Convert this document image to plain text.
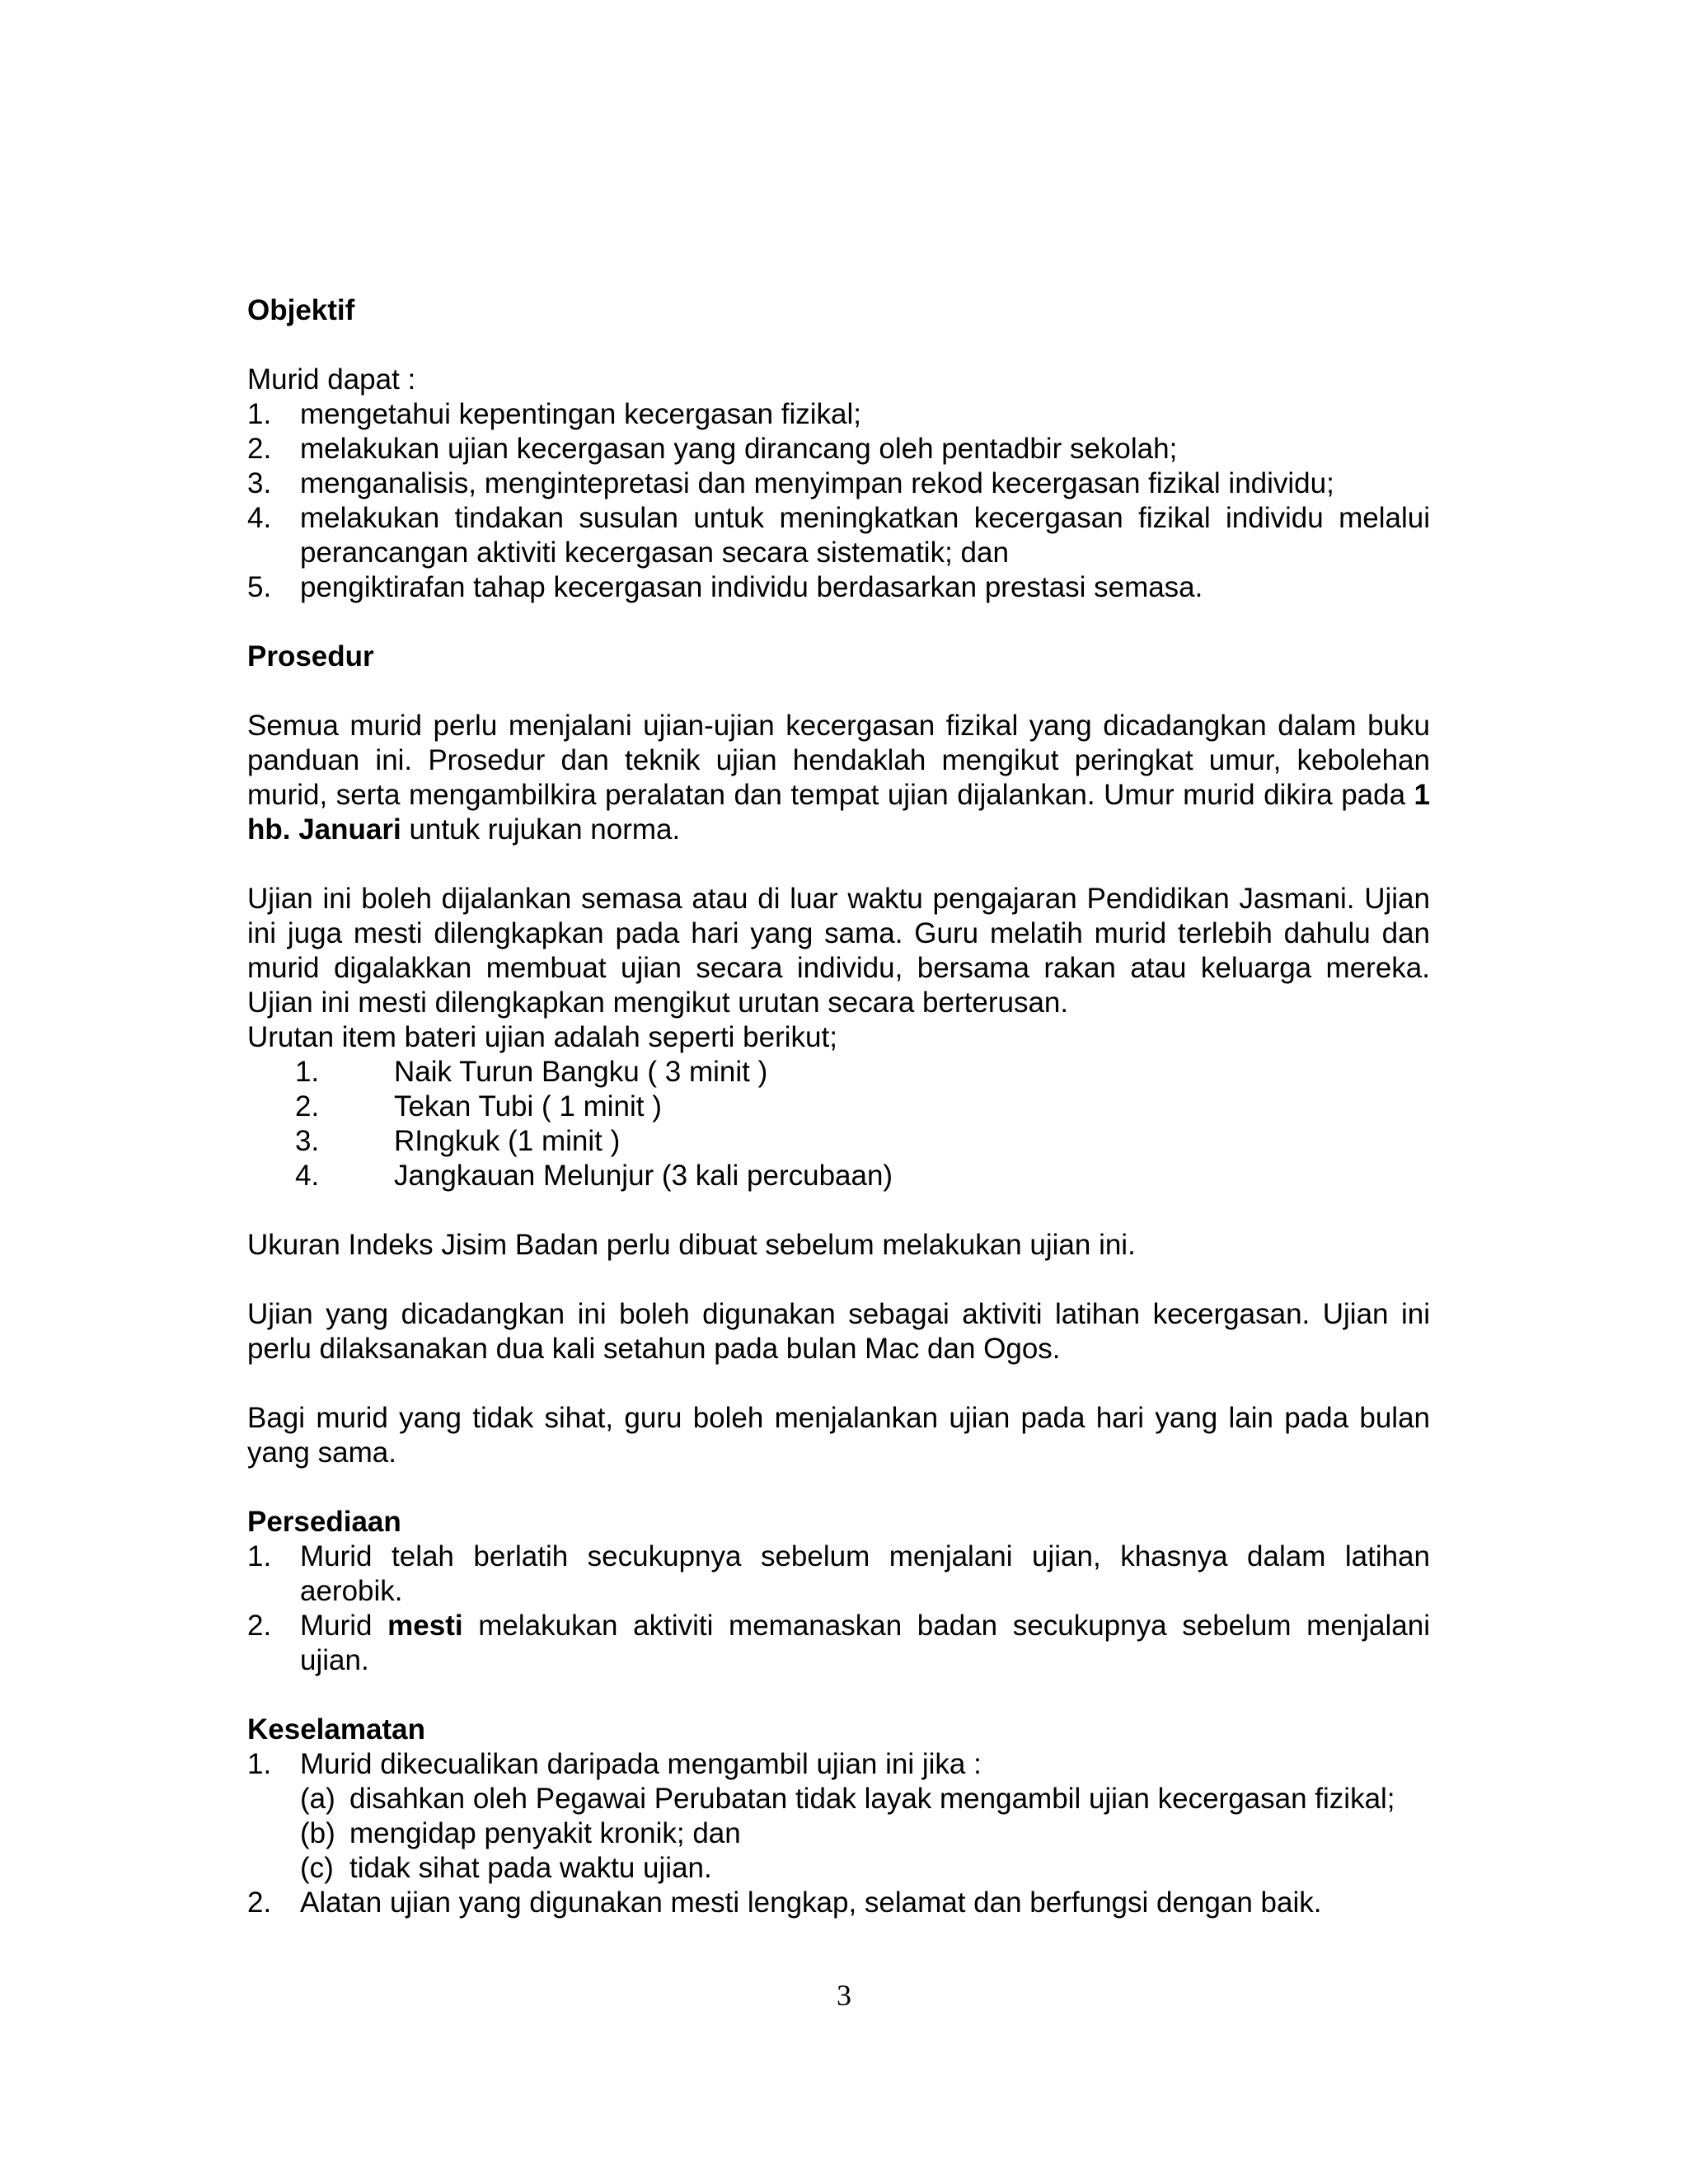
Objektif

Murid dapat :

1. mengetahui kepentingan kecergasan fizikal;
2. melakukan ujian kecergasan yang dirancang oleh pentadbir sekolah;
3. menganalisis, mengintepretasi dan menyimpan rekod kecergasan fizikal individu;
4. melakukan tindakan susulan untuk meningkatkan kecergasan fizikal individu melalui perancangan aktiviti kecergasan secara sistematik; dan
5. pengiktirafan tahap kecergasan individu berdasarkan prestasi semasa.
Prosedur

Semua murid perlu menjalani ujian-ujian kecergasan fizikal yang dicadangkan dalam buku panduan ini. Prosedur dan teknik ujian hendaklah mengikut peringkat umur, kebolehan murid, serta mengambilkira peralatan dan tempat ujian dijalankan. Umur murid dikira pada 1 hb. Januari untuk rujukan norma.

Ujian ini boleh dijalankan semasa atau di luar waktu pengajaran Pendidikan Jasmani. Ujian ini juga mesti dilengkapkan pada hari yang sama. Guru melatih murid terlebih dahulu dan murid digalakkan membuat ujian secara individu, bersama rakan atau keluarga mereka. Ujian ini mesti dilengkapkan mengikut urutan secara berterusan.

Urutan item bateri ujian adalah seperti berikut;

1.	Naik Turun Bangku ( 3 minit )
2.	Tekan Tubi ( 1 minit )
3.	RIngkuk (1 minit )
4.	Jangkauan Melunjur (3 kali percubaan)

Ukuran Indeks Jisim Badan perlu dibuat sebelum melakukan ujian ini.

Ujian yang dicadangkan ini boleh digunakan sebagai aktiviti latihan kecergasan. Ujian ini perlu dilaksanakan dua kali setahun pada bulan Mac dan Ogos.

Bagi murid yang tidak sihat, guru boleh menjalankan ujian pada hari yang lain pada bulan yang sama.

Persediaan
1. Murid telah berlatih secukupnya sebelum menjalani ujian, khasnya dalam latihan aerobik.
2. Murid mesti melakukan aktiviti memanaskan badan secukupnya sebelum menjalani ujian.
Keselamatan
1. Murid dikecualikan daripada mengambil ujian ini jika :
(a) disahkan oleh Pegawai Perubatan tidak layak mengambil ujian kecergasan fizikal;
(b) mengidap penyakit kronik; dan
(c) tidak sihat pada waktu ujian.
2. Alatan ujian yang digunakan mesti lengkap, selamat dan berfungsi dengan baik.
3
